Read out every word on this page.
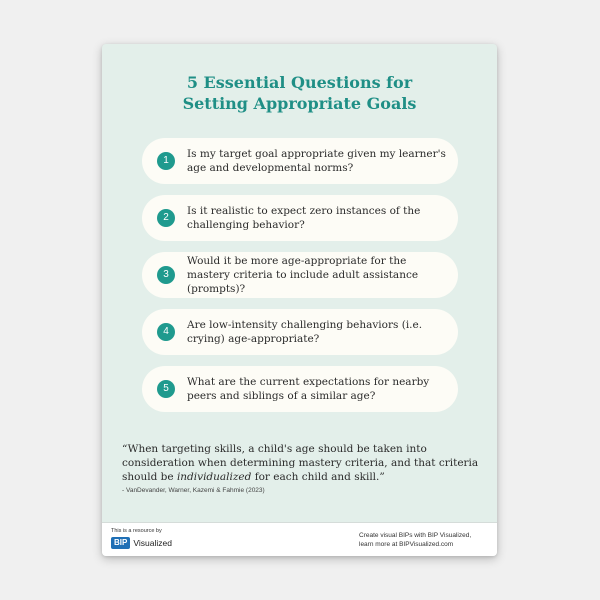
5 Essential Questions for
Setting Appropriate Goals
1
Is my target goal appropriate given my learner's age and developmental norms?
2
Is it realistic to expect zero instances of the challenging behavior?
3
Would it be more age-appropriate for the mastery criteria to include adult assistance (prompts)?
4
Are low-intensity challenging behaviors (i.e. crying) age-appropriate?
5
What are the current expectations for nearby peers and siblings of a similar age?

“When targeting skills, a child's age should be taken into consideration when determining mastery criteria, and that criteria should be individualized for each child and skill.”

- VanDevander, Warner, Kazemi & Fahmie (2023)

This is a resource by
BIP Visualized
Create visual BIPs with BIP Visualized,
learn more at BIPVisualized.com
